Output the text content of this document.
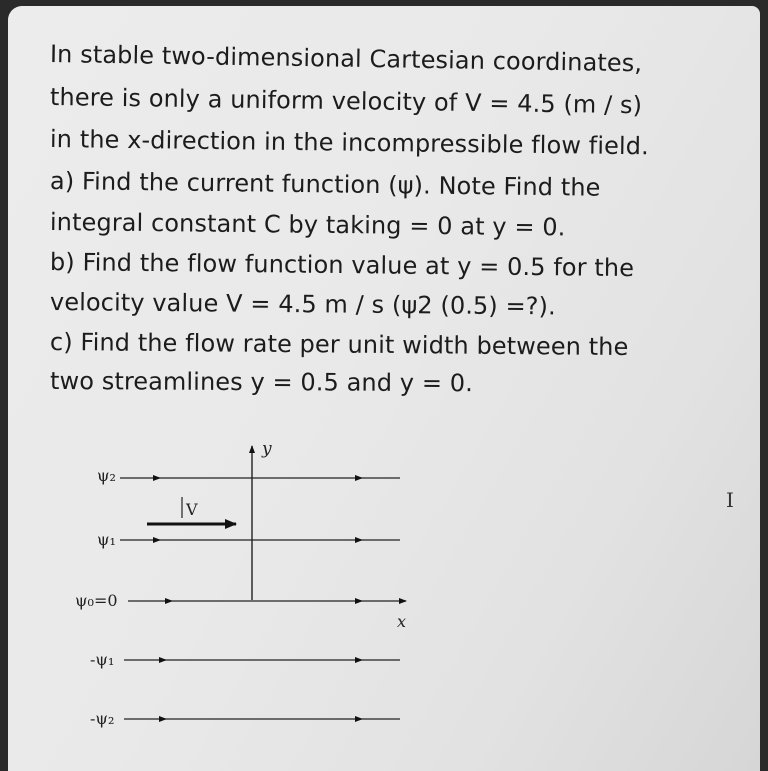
In stable two-dimensional Cartesian coordinates,
there is only a uniform velocity of V = 4.5 (m / s)
in the x-direction in the incompressible flow field.
a) Find the current function (ψ). Note Find the
integral constant C by taking = 0 at y = 0.
b) Find the flow function value at y = 0.5 for the
velocity value V = 4.5 m / s (ψ2 (0.5) =?).
c) Find the flow rate per unit width between the
two streamlines y = 0.5 and y = 0.
y
ψ₂
V
ψ₁
ψ₀=0
x
-ψ₁
-ψ₂
I
